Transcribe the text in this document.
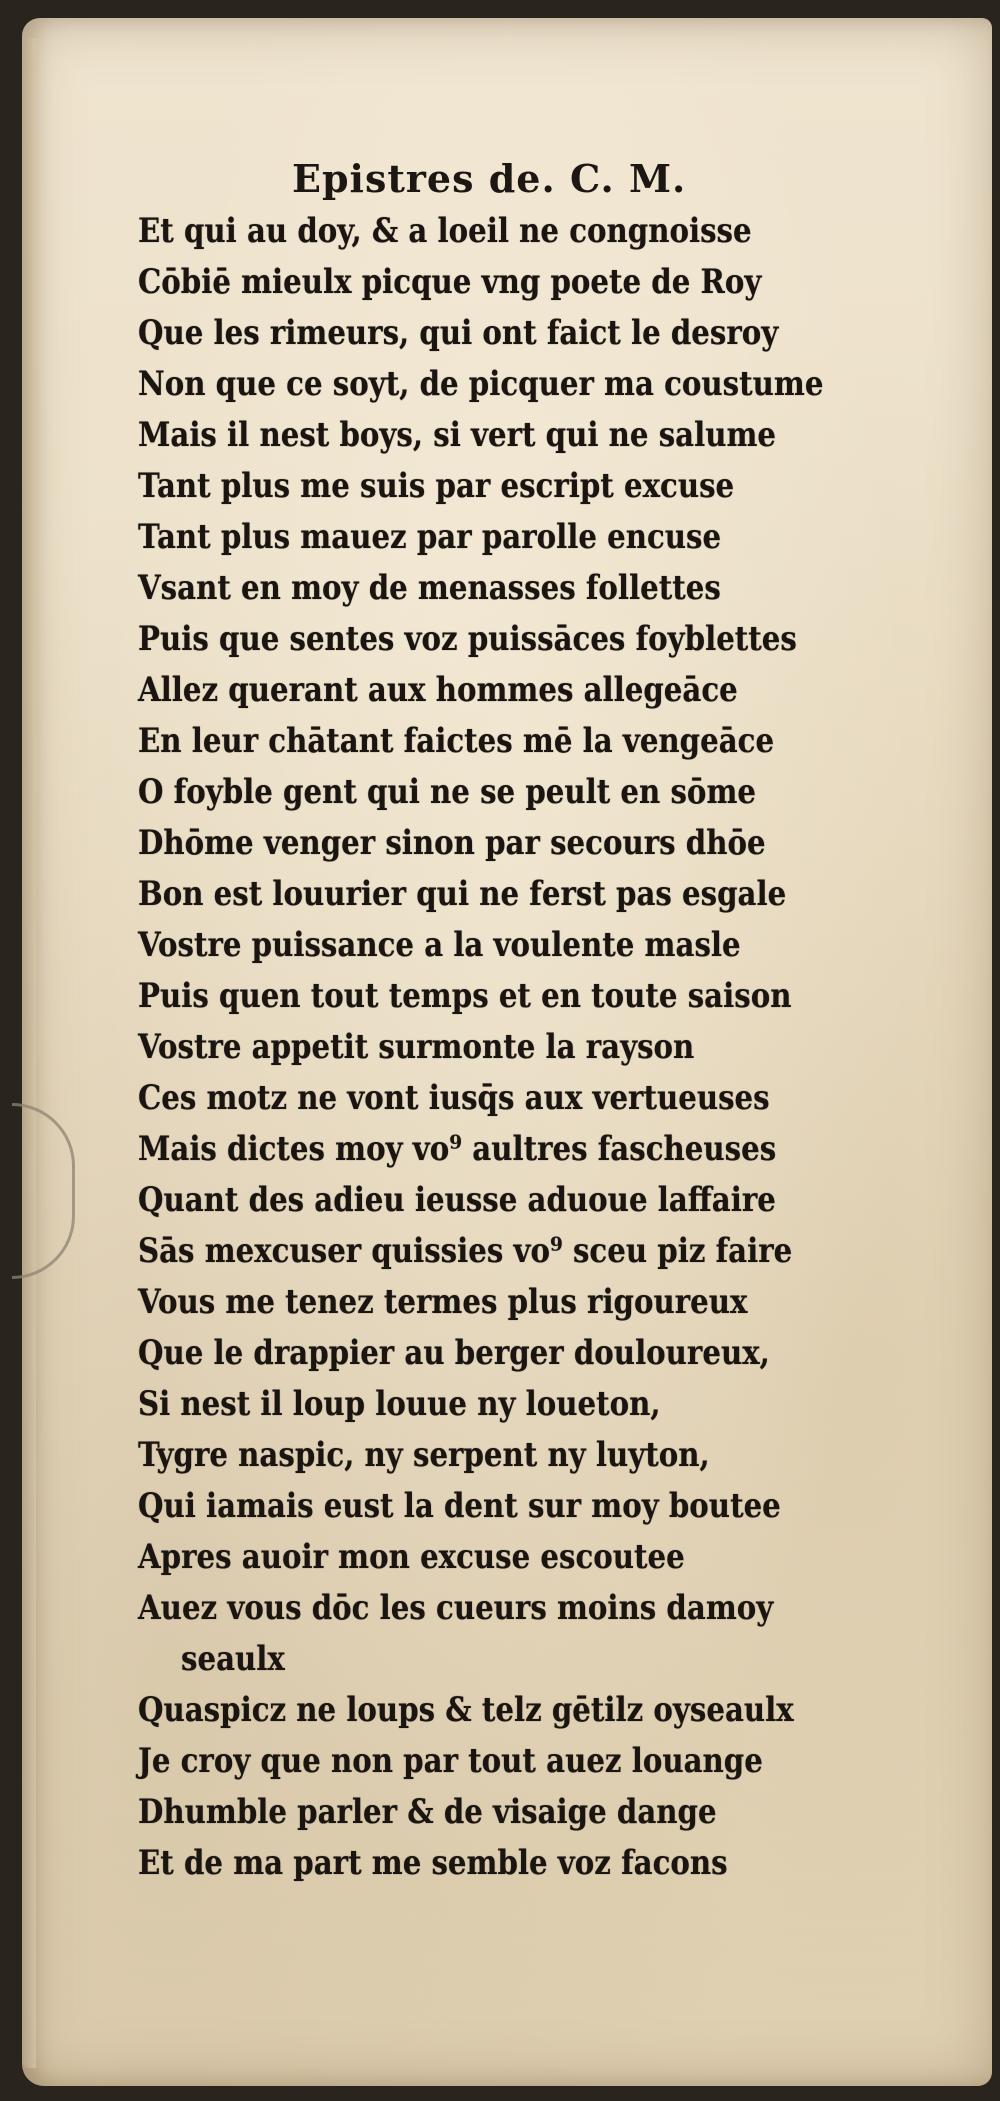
Epistres de. C. M.
Et qui au doy, & a loeil ne congnoisse
Cōbiē mieulx picque vng poete de Roy
Que les rimeurs, qui ont faict le desroy
Non que ce soyt, de picquer ma coustume
Mais il nest boys, si vert qui ne salume
Tant plus me suis par escript excuse
Tant plus mauez par parolle encuse
Vsant en moy de menasses follettes
Puis que sentes voz puissāces foyblettes
Allez querant aux hommes allegeāce
En leur chātant faictes mē la vengeāce
O foyble gent qui ne se peult en sōme
Dhōme venger sinon par secours dhōe
Bon est louurier qui ne ferst pas esgale
Vostre puissance a la voulente masle
Puis quen tout temps et en toute saison
Vostre appetit surmonte la rayson
Ces motz ne vont iusq̄s aux vertueuses
Mais dictes moy vo⁹ aultres fascheuses
Quant des adieu ieusse aduoue laffaire
Sās mexcuser quissies vo⁹ sceu piz faire
Vous me tenez termes plus rigoureux
Que le drappier au berger douloureux,
Si nest il loup louue ny loueton,
Tygre naspic, ny serpent ny luyton,
Qui iamais eust la dent sur moy boutee
Apres auoir mon excuse escoutee
Auez vous dōc les cueurs moins damoy
seaulx
Quaspicz ne loups & telz gētilz oyseaulx
Je croy que non par tout auez louange
Dhumble parler & de visaige dange
Et de ma part me semble voz facons
